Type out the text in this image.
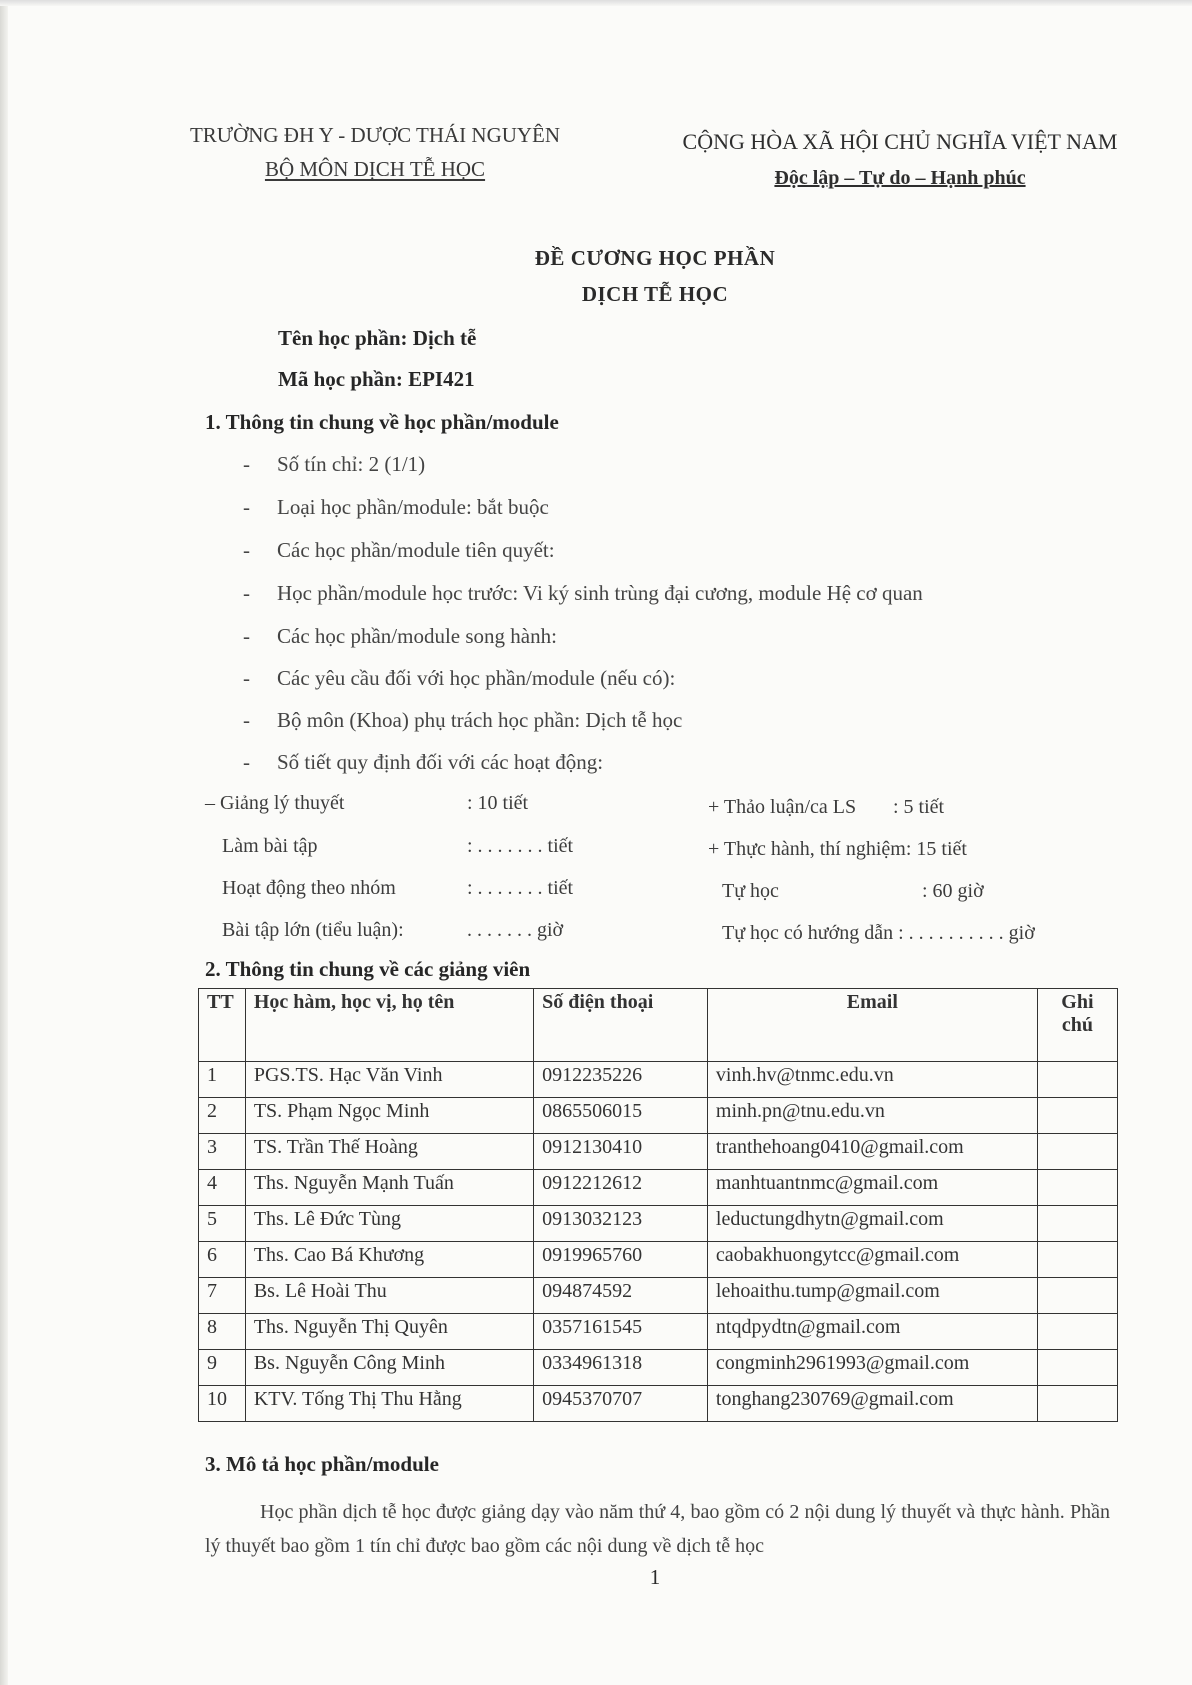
TRƯỜNG ĐH Y - DƯỢC THÁI NGUYÊN
BỘ MÔN DỊCH TỄ HỌC
CỘNG HÒA XÃ HỘI CHỦ NGHĨA VIỆT NAM
Độc lập – Tự do – Hạnh phúc
ĐỀ CƯƠNG HỌC PHẦN
DỊCH TỄ HỌC
Tên học phần: Dịch tễ
Mã học phần: EPI421
1. Thông tin chung về học phần/module
- Số tín chỉ: 2 (1/1)
- Loại học phần/module: bắt buộc
- Các học phần/module tiên quyết:
- Học phần/module học trước: Vi ký sinh trùng đại cương, module Hệ cơ quan
- Các học phần/module song hành:
- Các yêu cầu đối với học phần/module (nếu có):
- Bộ môn (Khoa) phụ trách học phần: Dịch tễ học
- Số tiết quy định đối với các hoạt động:
– Giảng lý thuyết	: 10 tiết
Làm bài tập	: . . . . . . . tiết
Hoạt động theo nhóm	: . . . . . . . tiết
Bài tập lớn (tiểu luận):	. . . . . . . giờ
+ Thảo luận/ca LS : 5 tiết
+ Thực hành, thí nghiệm: 15 tiết
Tự học	: 60 giờ
Tự học có hướng dẫn : . . . . . . . . . . giờ
2. Thông tin chung về các giảng viên
TT	Học hàm, học vị, họ tên	Số điện thoại	Email	Ghi chú
1	PGS.TS. Hạc Văn Vinh	0912235226	vinh.hv@tnmc.edu.vn	
2	TS. Phạm Ngọc Minh	0865506015	minh.pn@tnu.edu.vn	
3	TS. Trần Thế Hoàng	0912130410	tranthehoang0410@gmail.com	
4	Ths. Nguyễn Mạnh Tuấn	0912212612	manhtuantnmc@gmail.com	
5	Ths. Lê Đức Tùng	0913032123	leductungdhytn@gmail.com	
6	Ths. Cao Bá Khương	0919965760	caobakhuongytcc@gmail.com	
7	Bs. Lê Hoài Thu	094874592	lehoaithu.tump@gmail.com	
8	Ths. Nguyễn Thị Quyên	0357161545	ntqdpydtn@gmail.com	
9	Bs. Nguyễn Công Minh	0334961318	congminh2961993@gmail.com	
10	KTV. Tống Thị Thu Hằng	0945370707	tonghang230769@gmail.com	
3. Mô tả học phần/module
Học phần dịch tễ học được giảng dạy vào năm thứ 4, bao gồm có 2 nội dung lý thuyết và thực hành. Phần lý thuyết bao gồm 1 tín chỉ được bao gồm các nội dung về dịch tễ học
1
